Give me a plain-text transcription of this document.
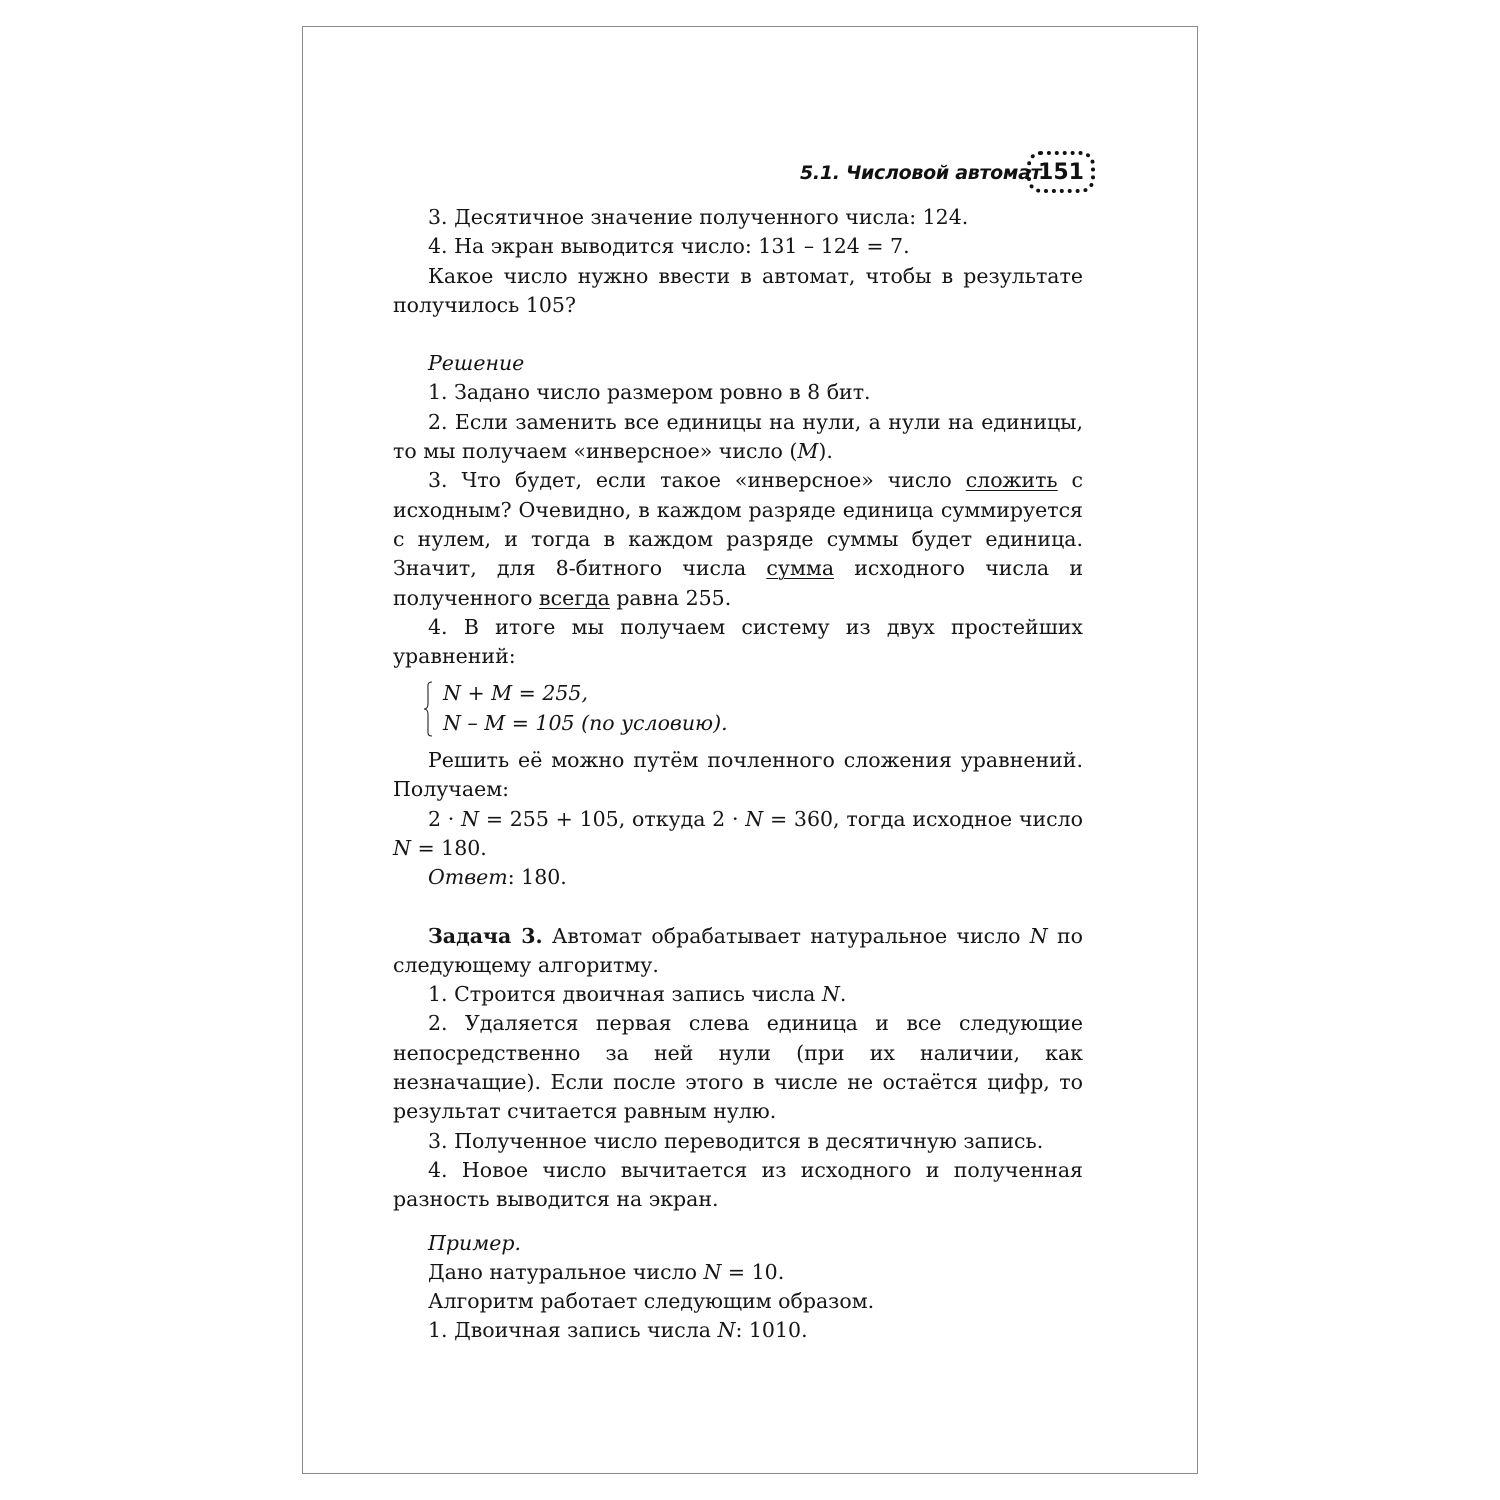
5.1. Числовой автомат
151

3. Десятичное значение полученного числа: 124.

4. На экран выводится число: 131 – 124 = 7.

Какое число нужно ввести в автомат, чтобы в результате получилось 105?

Решение

1. Задано число размером ровно в 8 бит.

2. Если заменить все единицы на нули, а нули на единицы, то мы получаем «инверсное» число (M).

3. Что будет, если такое «инверсное» число сложить с исходным? Очевидно, в каждом разряде единица суммируется с нулем, и тогда в каждом разряде суммы будет единица. Значит, для 8-битного числа сумма исходного числа и полученного всегда равна 255.

4. В итоге мы получаем систему из двух простейших уравнений:

N + M = 255,

N – M = 105 (по условию).

Решить её можно путём почленного сложения уравнений. Получаем:

2 · N = 255 + 105, откуда 2 · N = 360, тогда исходное число N = 180.

Ответ: 180.

Задача 3. Автомат обрабатывает натуральное число N по следующему алгоритму.

1. Строится двоичная запись числа N.

2. Удаляется первая слева единица и все следующие непосредственно за ней нули (при их наличии, как незначащие). Если после этого в числе не остаётся цифр, то результат считается равным нулю.

3. Полученное число переводится в десятичную запись.

4. Новое число вычитается из исходного и полученная разность выводится на экран.

Пример.

Дано натуральное число N = 10.

Алгоритм работает следующим образом.

1. Двоичная запись числа N: 1010.
